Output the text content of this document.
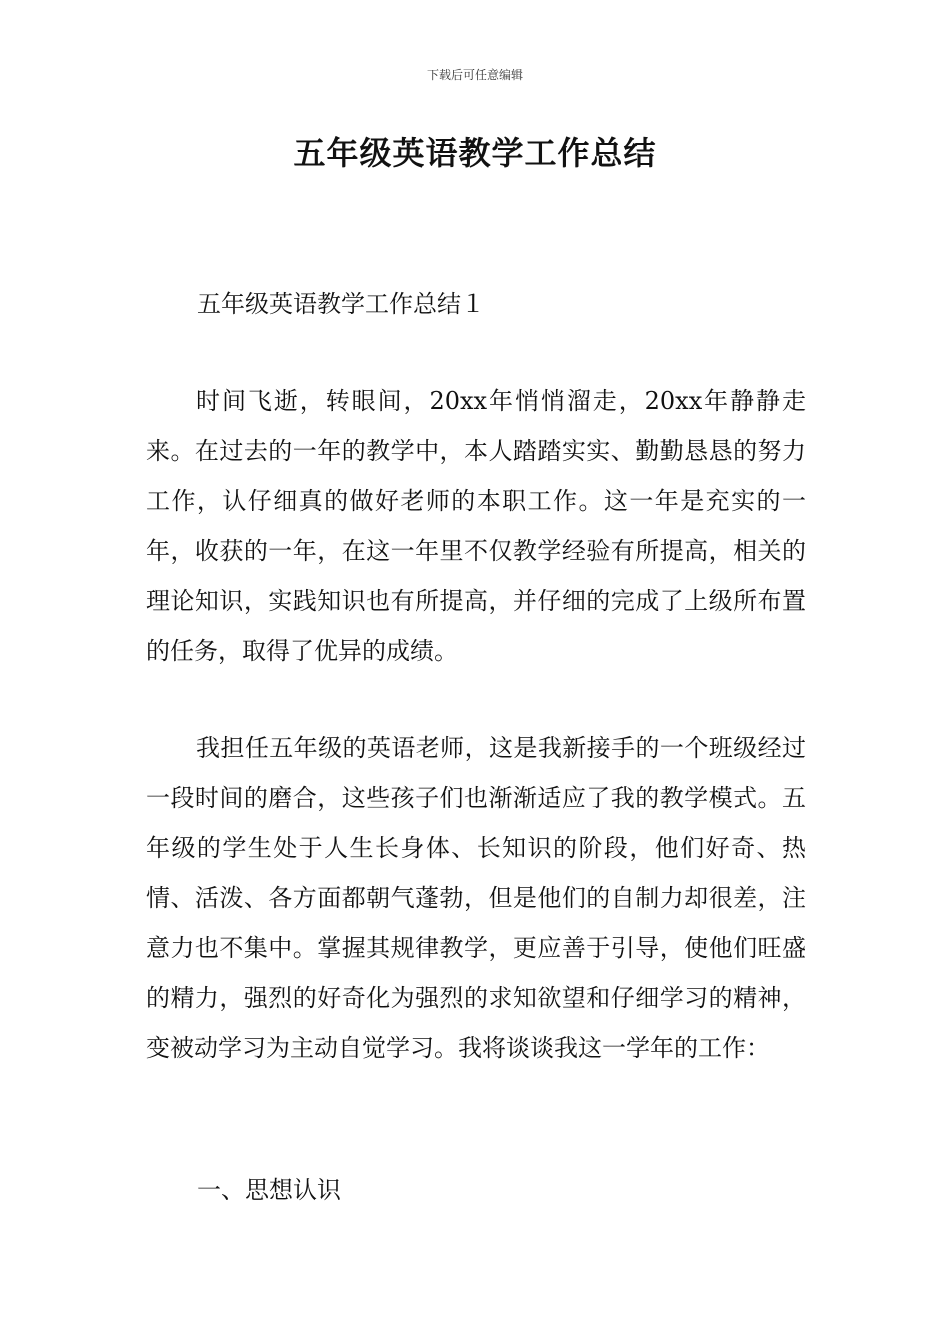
下载后可任意编辑
五年级英语教学工作总结
五年级英语教学工作总结１

时间飞逝，转眼间，20xx年悄悄溜走，20xx年静静走来。在过去的一年的教学中，本人踏踏实实、勤勤恳恳的努力工作，认仔细真的做好老师的本职工作。这一年是充实的一年，收获的一年，在这一年里不仅教学经验有所提高，相关的理论知识，实践知识也有所提高，并仔细的完成了上级所布置的任务，取得了优异的成绩。

我担任五年级的英语老师，这是我新接手的一个班级经过一段时间的磨合，这些孩子们也渐渐适应了我的教学模式。五年级的学生处于人生长身体、长知识的阶段，他们好奇、热情、活泼、各方面都朝气蓬勃，但是他们的自制力却很差，注意力也不集中。掌握其规律教学，更应善于引导，使他们旺盛的精力，强烈的好奇化为强烈的求知欲望和仔细学习的精神，变被动学习为主动自觉学习。我将谈谈我这一学年的工作：

一、思想认识
